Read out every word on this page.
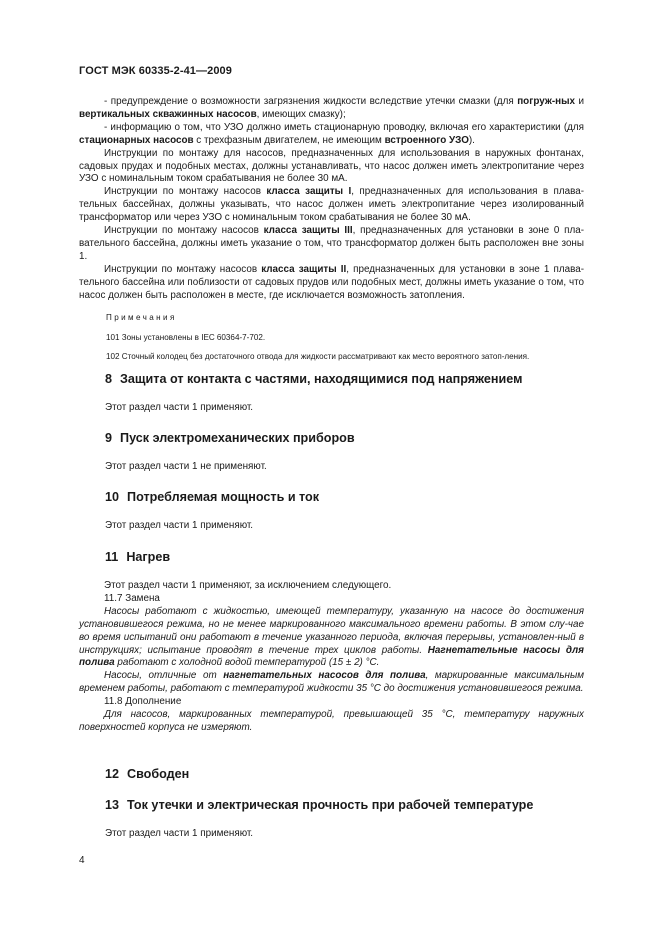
ГОСТ МЭК 60335-2-41—2009

- предупреждение о возможности загрязнения жидкости вследствие утечки смазки (для погруж-ных и вертикальных скважинных насосов, имеющих смазку);

- информацию о том, что УЗО должно иметь стационарную проводку, включая его характеристики (для стационарных насосов с трехфазным двигателем, не имеющим встроенного УЗО).

Инструкции по монтажу для насосов, предназначенных для использования в наружных фонтанах, садовых прудах и подобных местах, должны устанавливать, что насос должен иметь электропитание через УЗО с номинальным током срабатывания не более 30 мА.

Инструкции по монтажу насосов класса защиты I, предназначенных для использования в плава-тельных бассейнах, должны указывать, что насос должен иметь электропитание через изолированный трансформатор или через УЗО с номинальным током срабатывания не более 30 мА.

Инструкции по монтажу насосов класса защиты III, предназначенных для установки в зоне 0 пла-вательного бассейна, должны иметь указание о том, что трансформатор должен быть расположен вне зоны 1.

Инструкции по монтажу насосов класса защиты II, предназначенных для установки в зоне 1 плава-тельного бассейна или поблизости от садовых прудов или подобных мест, должны иметь указание о том, что насос должен быть расположен в месте, где исключается возможность затопления.

Примечания

101 Зоны установлены в IEC 60364-7-702.

102 Сточный колодец без достаточного отвода для жидкости рассматривают как место вероятного затоп-ления.

8 Защита от контакта с частями, находящимися под напряжением
Этот раздел части 1 применяют.
9 Пуск электромеханических приборов
Этот раздел части 1 не применяют.
10 Потребляемая мощность и ток
Этот раздел части 1 применяют.
11 Нагрев

Этот раздел части 1 применяют, за исключением следующего.

11.7 Замена

Насосы работают с жидкостью, имеющей температуру, указанную на насосе до достижения установившегося режима, но не менее маркированного максимального времени работы. В этом слу-чае во время испытаний они работают в течение указанного периода, включая перерывы, установлен-ный в инструкциях; испытание проводят в течение трех циклов работы. Нагнетательные насосы для полива работают с холодной водой температурой (15 ± 2) °С.

Насосы, отличные от нагнетательных насосов для полива, маркированные максимальным временем работы, работают с температурой жидкости 35 °С до достижения установившегося режима.

11.8 Дополнение

Для насосов, маркированных температурой, превышающей 35 °С, температуру наружных поверхностей корпуса не измеряют.

12 Свободен
13 Ток утечки и электрическая прочность при рабочей температуре
Этот раздел части 1 применяют.
4
